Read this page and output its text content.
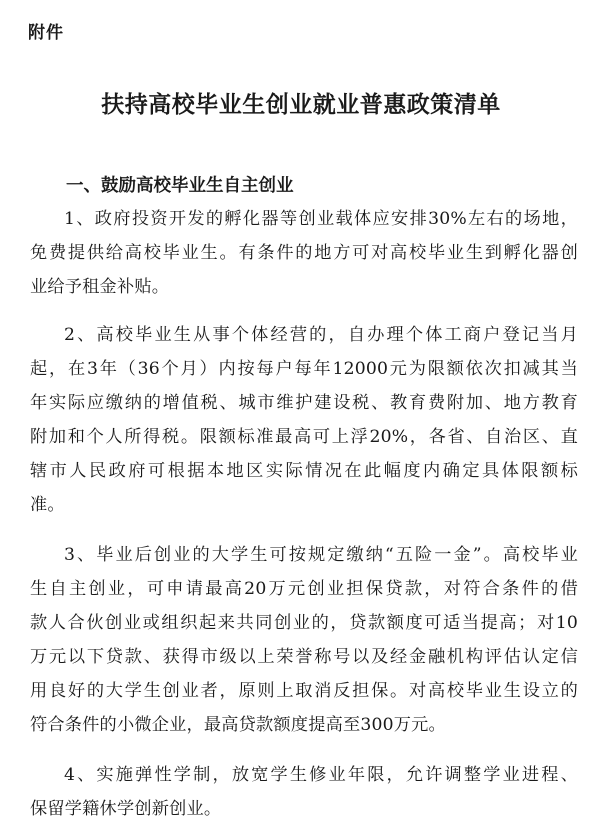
附件
扶持高校毕业生创业就业普惠政策清单
一、鼓励高校毕业生自主创业
1、政府投资开发的孵化器等创业载体应安排30%左右的场地，
免费提供给高校毕业生。有条件的地方可对高校毕业生到孵化器创
业给予租金补贴。
2、高校毕业生从事个体经营的，自办理个体工商户登记当月
起，在3年（36个月）内按每户每年12000元为限额依次扣减其当
年实际应缴纳的增值税、城市维护建设税、教育费附加、地方教育
附加和个人所得税。限额标准最高可上浮20%，各省、自治区、直
辖市人民政府可根据本地区实际情况在此幅度内确定具体限额标
准。
3、毕业后创业的大学生可按规定缴纳“五险一金”。高校毕业
生自主创业，可申请最高20万元创业担保贷款，对符合条件的借
款人合伙创业或组织起来共同创业的，贷款额度可适当提高；对10
万元以下贷款、获得市级以上荣誉称号以及经金融机构评估认定信
用良好的大学生创业者，原则上取消反担保。对高校毕业生设立的
符合条件的小微企业，最高贷款额度提高至300万元。
4、实施弹性学制，放宽学生修业年限，允许调整学业进程、
保留学籍休学创新创业。
